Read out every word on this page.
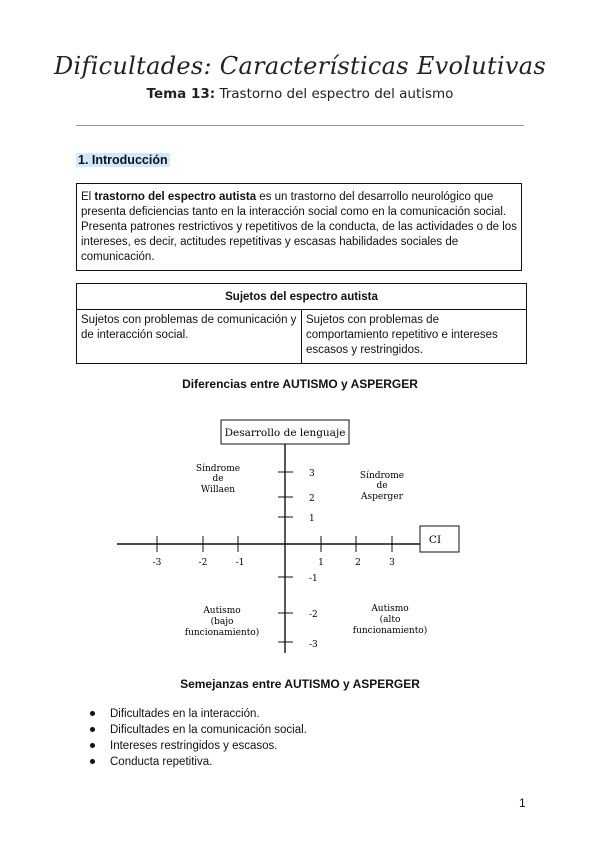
Dificultades: Características Evolutivas
Tema 13: Trastorno del espectro del autismo
1. Introducción
El trastorno del espectro autista es un trastorno del desarrollo neurológico que presenta deficiencias tanto en la interacción social como en la comunicación social. Presenta patrones restrictivos y repetitivos de la conducta, de las actividades o de los intereses, es decir, actitudes repetitivas y escasas habilidades sociales de comunicación.
Sujetos del espectro autista
Sujetos con problemas de comunicación y de interacción social.	Sujetos con problemas de comportamiento repetitivo e intereses escasos y restringidos.
Diferencias entre AUTISMO y ASPERGER
-3	-2	-1	1	2	3
3
2
1
-1
-2
-3
Desarrollo de lenguaje
CI
Síndrome
de
Willaen
Síndrome
de
Asperger
Autismo
(bajo
funcionamiento)
Autismo
(alto
funcionamiento)
Semejanzas entre AUTISMO y ASPERGER
Dificultades en la interacción.
Dificultades en la comunicación social.
Intereses restringidos y escasos.
Conducta repetitiva.
1
